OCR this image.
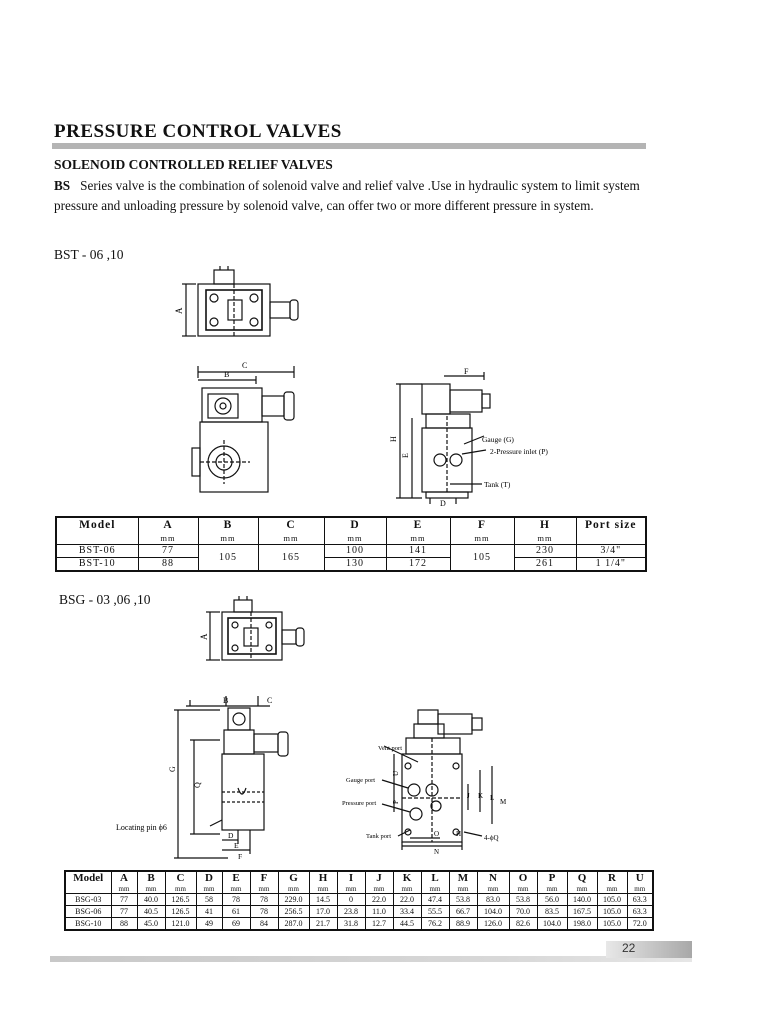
PRESSURE CONTROL VALVES
SOLENOID CONTROLLED RELIEF VALVES
BS Series valve is the combination of solenoid valve and relief valve .Use in hydraulic system to limit system pressure and unloading pressure by solenoid valve, can offer two or more different pressure in system.
BST - 06 ,10
A
C
B	F
H
E
D
Gauge (G)
2-Pressure inlet (P)
Tank (T)
Model	A	B	C	D	E	F	H	Port size
	mm	mm	mm	mm	mm	mm	mm	
BST-06	77	105	165	100	141	105	230	3/4"
BST-10	88			130	172		261	1 1/4"
BSG - 03 ,06 ,10
A
B	C
G
Q
D
E
F
Locating pin ϕ6
Vent port
Gauge port
Pressure port
Tank port
U
P
J K L M
O H
N
4-ϕQ
Model	A	B	C	D	E	F	G	H	I	J	K	L	M	N	O	P	Q	R	U
	mm	mm	mm	mm	mm	mm	mm	mm	mm	mm	mm	mm	mm	mm	mm	mm	mm	mm	mm
BSG-03	77	40.0	126.5	58	78	78	229.0	14.5	0	22.0	22.0	47.4	53.8	83.0	53.8	56.0	140.0	105.0	63.3
BSG-06	77	40.5	126.5	41	61	78	256.5	17.0	23.8	11.0	33.4	55.5	66.7	104.0	70.0	83.5	167.5	105.0	63.3
BSG-10	88	45.0	121.0	49	69	84	287.0	21.7	31.8	12.7	44.5	76.2	88.9	126.0	82.6	104.0	198.0	105.0	72.0
22
